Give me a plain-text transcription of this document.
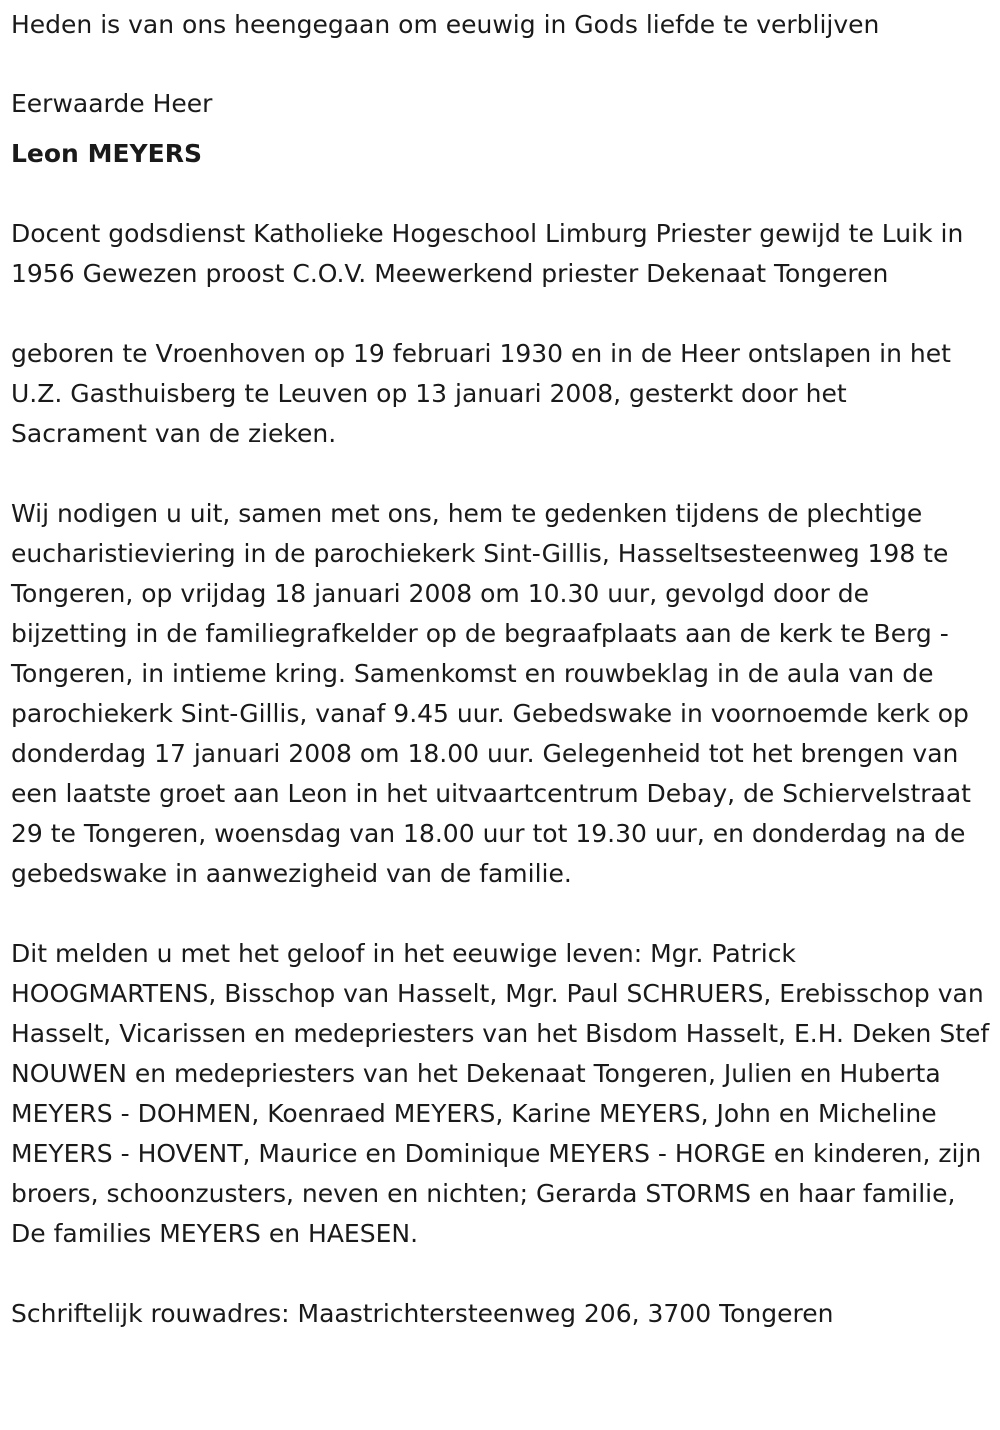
Heden is van ons heengegaan om eeuwig in Gods liefde te verblijven

Eerwaarde Heer

Leon MEYERS

Docent godsdienst Katholieke Hogeschool Limburg Priester gewijd te Luik in 1956 Gewezen proost C.O.V. Meewerkend priester Dekenaat Tongeren

geboren te Vroenhoven op 19 februari 1930 en in de Heer ontslapen in het U.Z. Gasthuisberg te Leuven op 13 januari 2008, gesterkt door het Sacrament van de zieken.

Wij nodigen u uit, samen met ons, hem te gedenken tijdens de plechtige eucharistieviering in de parochiekerk Sint-Gillis, Hasseltsesteenweg 198 te Tongeren, op vrijdag 18 januari 2008 om 10.30 uur, gevolgd door de bijzetting in de familiegrafkelder op de begraafplaats aan de kerk te Berg - Tongeren, in intieme kring. Samenkomst en rouwbeklag in de aula van de parochiekerk Sint-Gillis, vanaf 9.45 uur. Gebedswake in voornoemde kerk op donderdag 17 januari 2008 om 18.00 uur. Gelegenheid tot het brengen van een laatste groet aan Leon in het uitvaartcentrum Debay, de Schiervelstraat 29 te Tongeren, woensdag van 18.00 uur tot 19.30 uur, en donderdag na de gebedswake in aanwezigheid van de familie.

Dit melden u met het geloof in het eeuwige leven: Mgr. Patrick HOOGMARTENS, Bisschop van Hasselt, Mgr. Paul SCHRUERS, Erebisschop van Hasselt, Vicarissen en medepriesters van het Bisdom Hasselt, E.H. Deken Stef NOUWEN en medepriesters van het Dekenaat Tongeren, Julien en Huberta MEYERS - DOHMEN, Koenraed MEYERS, Karine MEYERS, John en Micheline MEYERS - HOVENT, Maurice en Dominique MEYERS - HORGE en kinderen, zijn broers, schoonzusters, neven en nichten; Gerarda STORMS en haar familie, De families MEYERS en HAESEN.

Schriftelijk rouwadres: Maastrichtersteenweg 206, 3700 Tongeren
